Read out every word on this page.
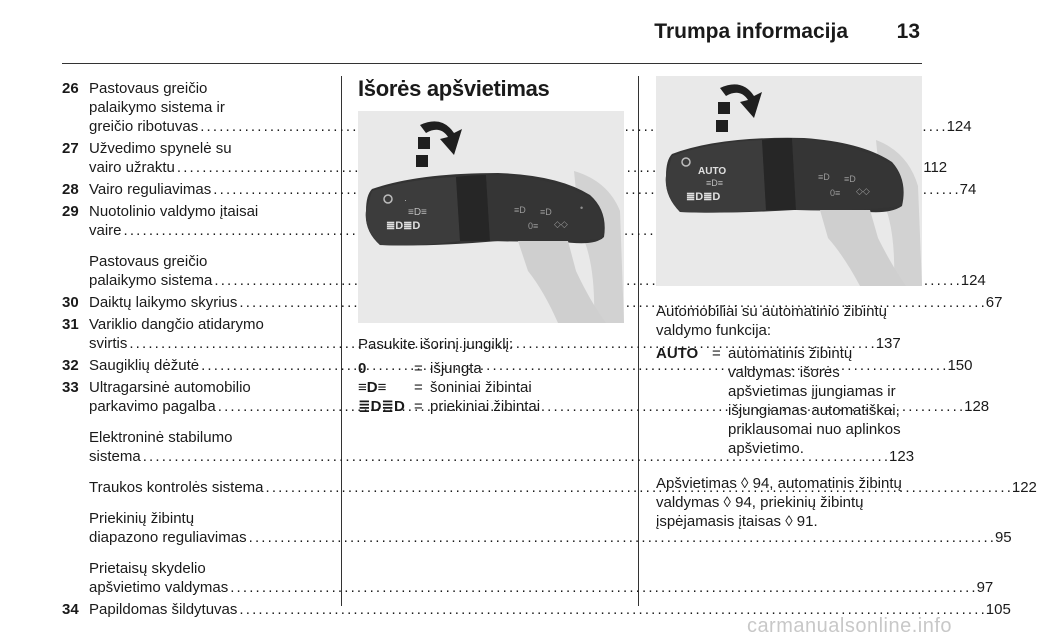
Trumpa informacija 13
26 Pastovaus greičio
palaikymo sistema ir
greičio ribotuvas . . .	124
27 Užvedimo spynelė su
vairo užraktu . . .	112
28 Vairo reguliavimas . . .	74
29 Nuotolinio valdymo įtaisai
vaire
. . .
Pastovaus greičio
palaikymo sistema . . .	124
30 Daiktų laikymo skyrius . . .	67
31 Variklio dangčio atidarymo
svirtis . . .	137
32 Saugiklių dėžutė . . .	150
33 Ultragarsinė automobilio
parkavimo pagalba . . .	128
Elektroninė stabilumo
sistema . . .	123
Traukos kontrolės sistema . . .	122
Priekinių žibintų
diapazono reguliavimas . . .	95
Prietaisų skydelio
apšvietimo valdymas . . .	97
34 Papildomas šildytuvas . . .	105
Išorės apšvietimas
·
≡D≡
≣D≣D
≡D ≡D
◇◇
0≡
•
Pasukite išorinį jungiklį:
0	= išjungta
≡D≡	= šoniniai žibintai
≣D≣D = priekiniai žibintai
AUTO
≡D≡
≣D≣D
≡D ≡D
◇◇
0≡
Automobiliai su automatinio žibintų valdymo funkcija:
AUTO = automatinis žibintų valdymas: išorės apšvietimas įjungiamas ir išjungiamas automatiškai, priklausomai nuo aplinkos apšvietimo.
Apšvietimas ◊ 94, automatinis žibintų valdymas ◊ 94, priekinių žibintų įspėjamasis įtaisas ◊ 91.
carmanualsonline.info
